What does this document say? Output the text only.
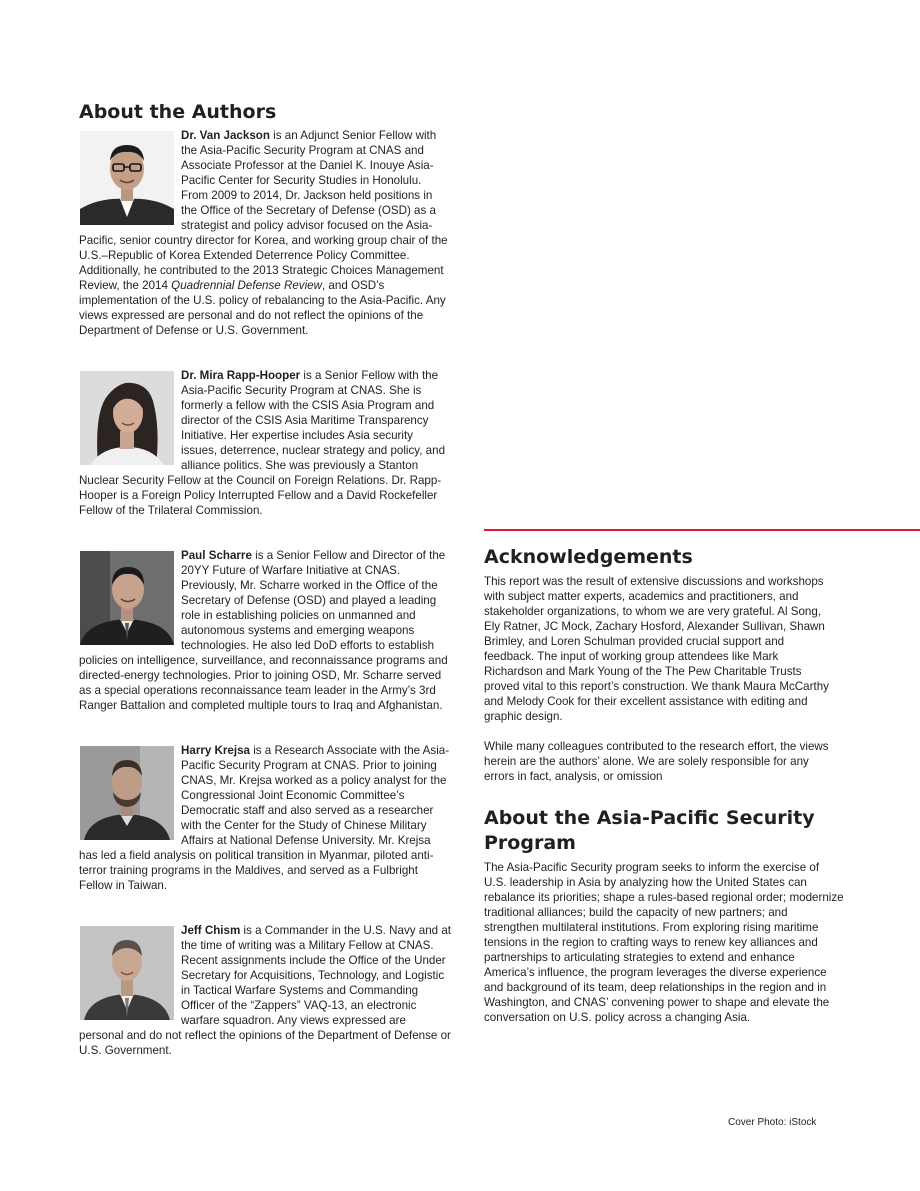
About the Authors
Dr. Van Jackson is an Adjunct Senior Fellow with the Asia-Pacific Security Program at CNAS and Associate Professor at the Daniel K. Inouye Asia-Pacific Center for Security Studies in Honolulu. From 2009 to 2014, Dr. Jackson held positions in the Office of the Secretary of Defense (OSD) as a strategist and policy advisor focused on the Asia-Pacific, senior country director for Korea, and working group chair of the U.S.–Republic of Korea Extended Deterrence Policy Committee. Additionally, he contributed to the 2013 Strategic Choices Management Review, the 2014 Quadrennial Defense Review, and OSD’s implementation of the U.S. policy of rebalancing to the Asia-Pacific. Any views expressed are personal and do not reflect the opinions of the Department of Defense or U.S. Government.
Dr. Mira Rapp-Hooper is a Senior Fellow with the Asia-Pacific Security Program at CNAS. She is formerly a fellow with the CSIS Asia Program and director of the CSIS Asia Maritime Transparency Initiative. Her expertise includes Asia security issues, deterrence, nuclear strategy and policy, and alliance politics. She was previously a Stanton Nuclear Security Fellow at the Council on Foreign Relations. Dr. Rapp-Hooper is a Foreign Policy Interrupted Fellow and a David Rockefeller Fellow of the Trilateral Commission.
Paul Scharre is a Senior Fellow and Director of the 20YY Future of Warfare Initiative at CNAS. Previously, Mr. Scharre worked in the Office of the Secretary of Defense (OSD) and played a leading role in establishing policies on unmanned and autonomous systems and emerging weapons technologies. He also led DoD efforts to establish policies on intelligence, surveillance, and reconnaissance programs and directed-energy technologies. Prior to joining OSD, Mr. Scharre served as a special operations reconnaissance team leader in the Army’s 3rd Ranger Battalion and completed multiple tours to Iraq and Afghanistan.
Harry Krejsa is a Research Associate with the Asia-Pacific Security Program at CNAS. Prior to joining CNAS, Mr. Krejsa worked as a policy analyst for the Congressional Joint Economic Committee’s Democratic staff and also served as a researcher with the Center for the Study of Chinese Military Affairs at National Defense University. Mr. Krejsa has led a field analysis on political transition in Myanmar, piloted anti-terror training programs in the Maldives, and served as a Fulbright Fellow in Taiwan.
Jeff Chism is a Commander in the U.S. Navy and at the time of writing was a Military Fellow at CNAS. Recent assignments include the Office of the Under Secretary for Acquisitions, Technology, and Logistic in Tactical Warfare Systems and Commanding Officer of the “Zappers” VAQ-13, an electronic warfare squadron. Any views expressed are personal and do not reflect the opinions of the Department of Defense or U.S. Government.
Acknowledgements

This report was the result of extensive discussions and workshops with subject matter experts, academics and practitioners, and stakeholder organizations, to whom we are very grateful. Al Song, Ely Ratner, JC Mock, Zachary Hosford, Alexander Sullivan, Shawn Brimley, and Loren Schulman provided crucial support and feedback. The input of working group attendees like Mark Richardson and Mark Young of the The Pew Charitable Trusts proved vital to this report’s construction. We thank Maura McCarthy and Melody Cook for their excellent assistance with editing and graphic design.

While many colleagues contributed to the research effort, the views herein are the authors’ alone. We are solely responsible for any errors in fact, analysis, or omission

About the Asia-Pacific Security Program

The Asia-Pacific Security program seeks to inform the exercise of U.S. leadership in Asia by analyzing how the United States can rebalance its priorities; shape a rules-based regional order; modernize traditional alliances; build the capacity of new partners; and strengthen multilateral institutions. From exploring rising maritime tensions in the region to crafting ways to renew key alliances and partnerships to articulating strategies to extend and enhance America’s influence, the program leverages the diverse experience and background of its team, deep relationships in the region and in Washington, and CNAS’ convening power to shape and elevate the conversation on U.S. policy across a changing Asia.

Cover Photo: iStock
